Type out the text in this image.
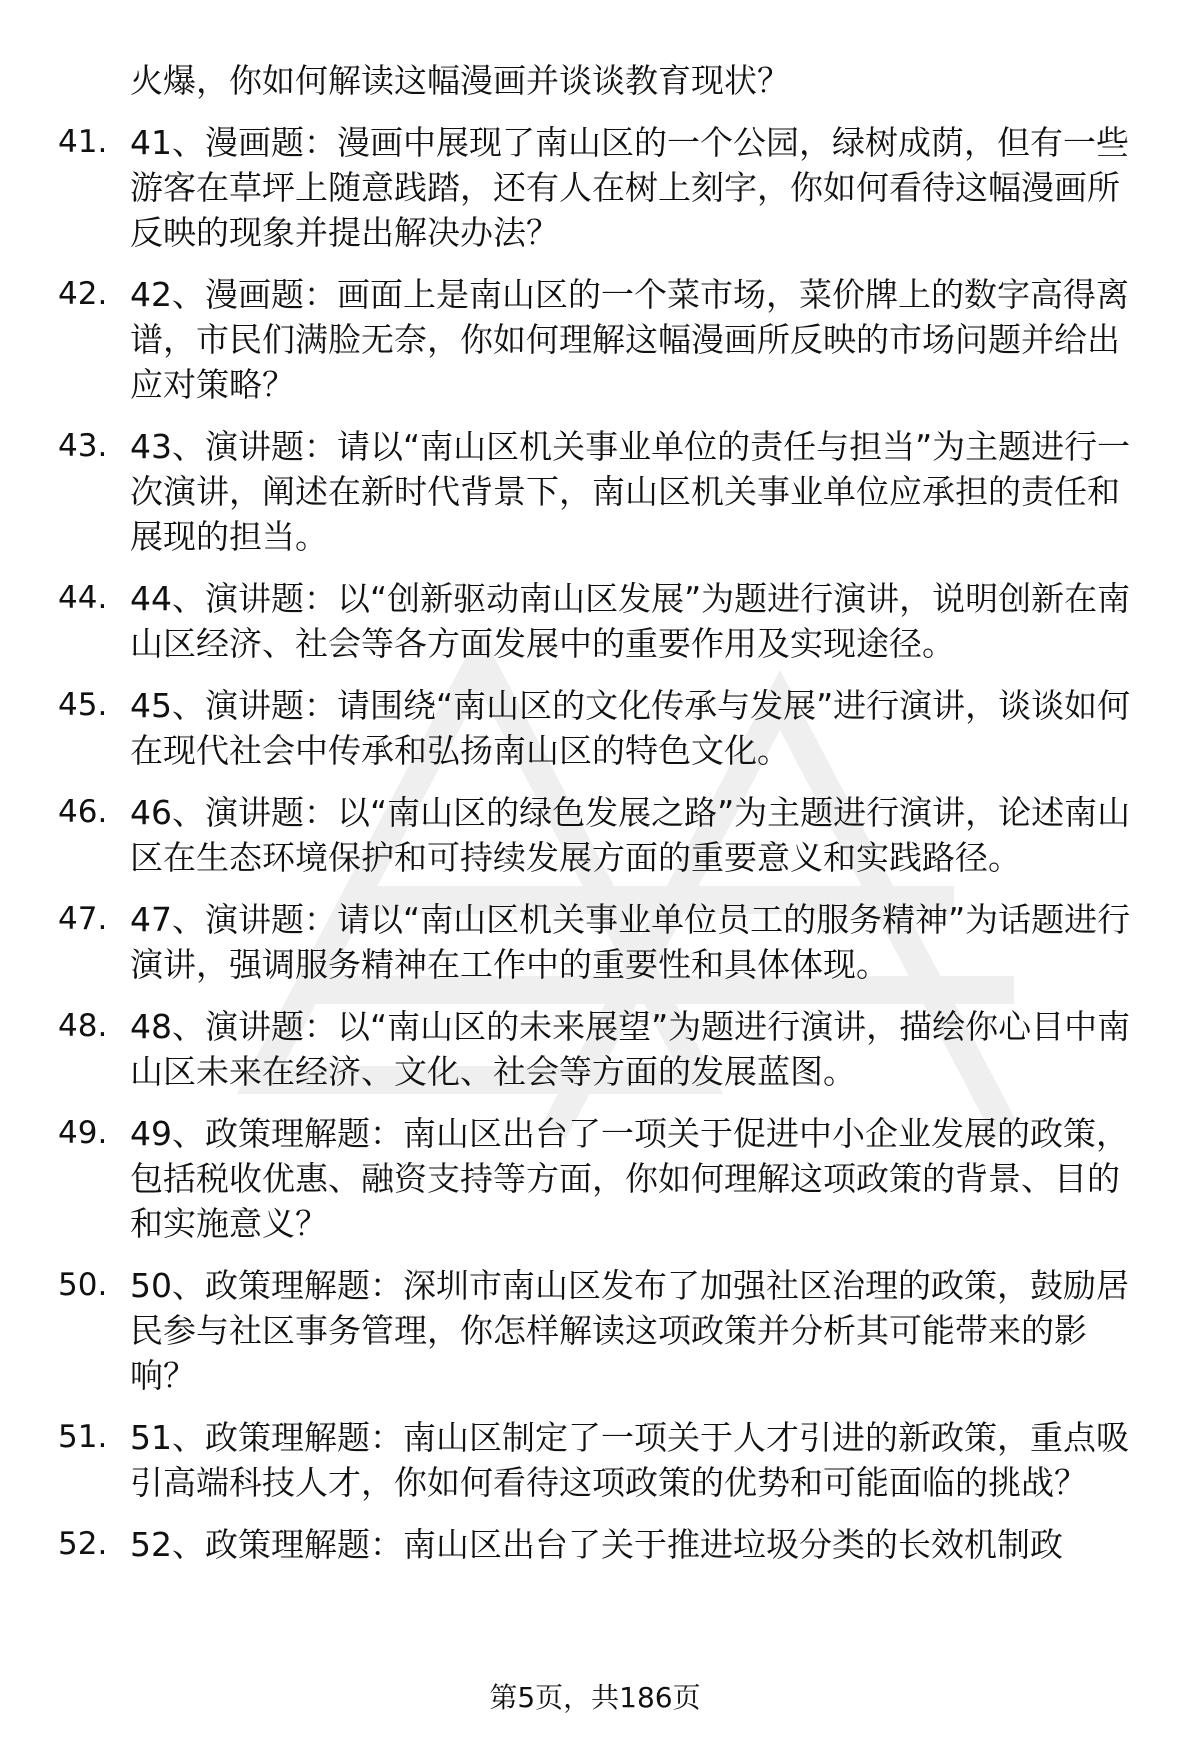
火爆，你如何解读这幅漫画并谈谈教育现状？

41. 41、漫画题：漫画中展现了南山区的一个公园，绿树成荫，但有一些游客在草坪上随意践踏，还有人在树上刻字，你如何看待这幅漫画所反映的现象并提出解决办法？
42. 42、漫画题：画面上是南山区的一个菜市场，菜价牌上的数字高得离谱，市民们满脸无奈，你如何理解这幅漫画所反映的市场问题并给出应对策略？
43. 43、演讲题：请以“南山区机关事业单位的责任与担当”为主题进行一次演讲，阐述在新时代背景下，南山区机关事业单位应承担的责任和展现的担当。
44. 44、演讲题：以“创新驱动南山区发展”为题进行演讲，说明创新在南山区经济、社会等各方面发展中的重要作用及实现途径。
45. 45、演讲题：请围绕“南山区的文化传承与发展”进行演讲，谈谈如何在现代社会中传承和弘扬南山区的特色文化。
46. 46、演讲题：以“南山区的绿色发展之路”为主题进行演讲，论述南山区在生态环境保护和可持续发展方面的重要意义和实践路径。
47. 47、演讲题：请以“南山区机关事业单位员工的服务精神”为话题进行演讲，强调服务精神在工作中的重要性和具体体现。
48. 48、演讲题：以“南山区的未来展望”为题进行演讲，描绘你心目中南山区未来在经济、文化、社会等方面的发展蓝图。
49. 49、政策理解题：南山区出台了一项关于促进中小企业发展的政策，包括税收优惠、融资支持等方面，你如何理解这项政策的背景、目的和实施意义？
50. 50、政策理解题：深圳市南山区发布了加强社区治理的政策，鼓励居民参与社区事务管理，你怎样解读这项政策并分析其可能带来的影响？
51. 51、政策理解题：南山区制定了一项关于人才引进的新政策，重点吸引高端科技人才，你如何看待这项政策的优势和可能面临的挑战？
52. 52、政策理解题：南山区出台了关于推进垃圾分类的长效机制政
第5页，共186页
